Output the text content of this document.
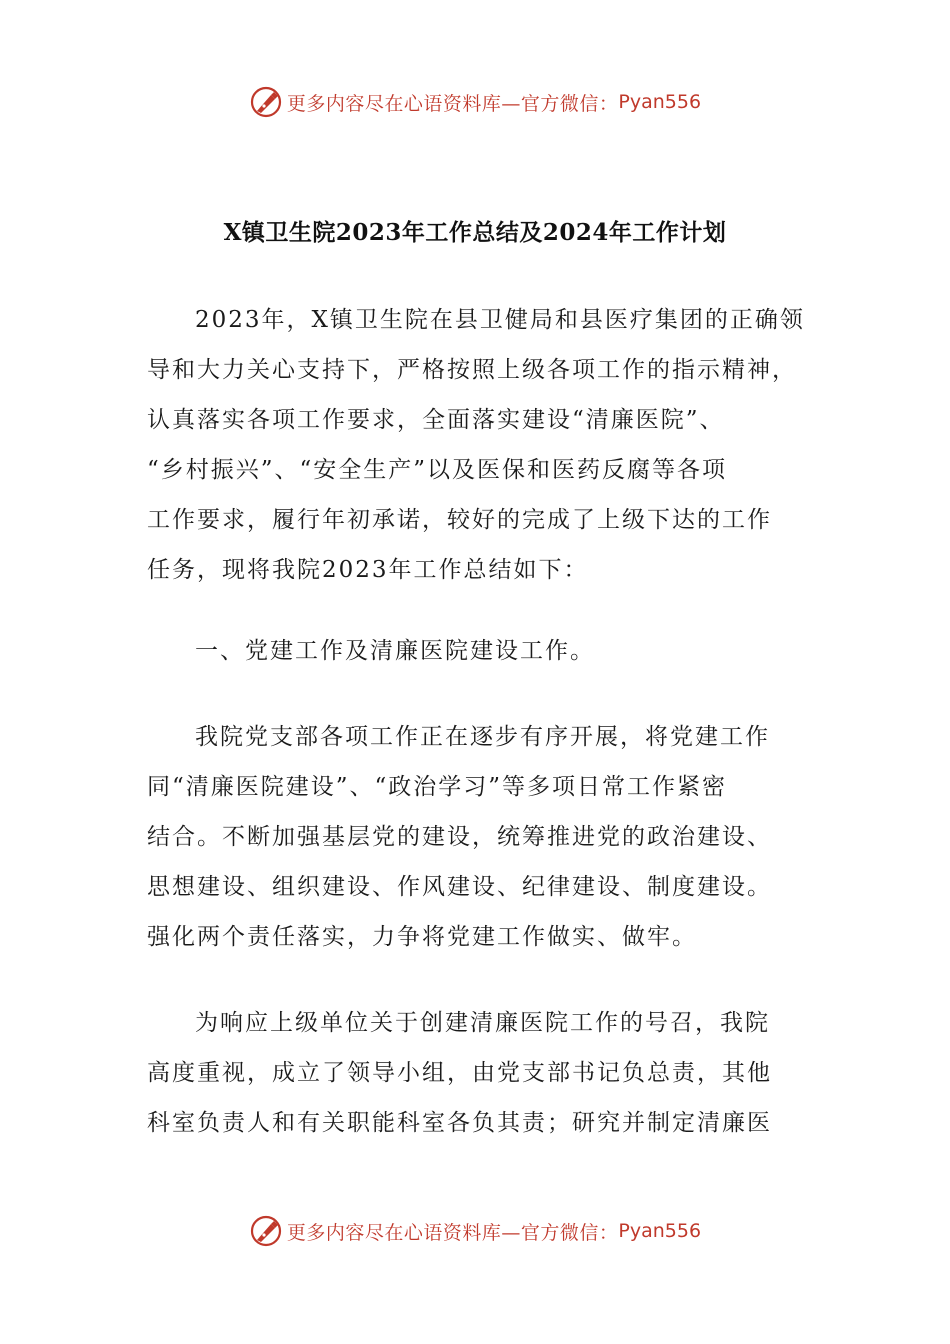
更多内容尽在心语资料库—官方微信： Pyan556
X镇卫生院2023年工作总结及2024年工作计划
2023年，X镇卫生院在县卫健局和县医疗集团的正确领
导和大力关心支持下，严格按照上级各项工作的指示精神，
认真落实各项工作要求，全面落实建设“清廉医院”、
“乡村振兴”、“安全生产”以及医保和医药反腐等各项
工作要求，履行年初承诺，较好的完成了上级下达的工作
任务，现将我院2023年工作总结如下：
一、党建工作及清廉医院建设工作。
我院党支部各项工作正在逐步有序开展，将党建工作
同“清廉医院建设”、“政治学习”等多项日常工作紧密
结合。不断加强基层党的建设，统筹推进党的政治建设、
思想建设、组织建设、作风建设、纪律建设、制度建设。
强化两个责任落实，力争将党建工作做实、做牢。
为响应上级单位关于创建清廉医院工作的号召，我院
高度重视，成立了领导小组，由党支部书记负总责，其他
科室负责人和有关职能科室各负其责；研究并制定清廉医
更多内容尽在心语资料库—官方微信： Pyan556
